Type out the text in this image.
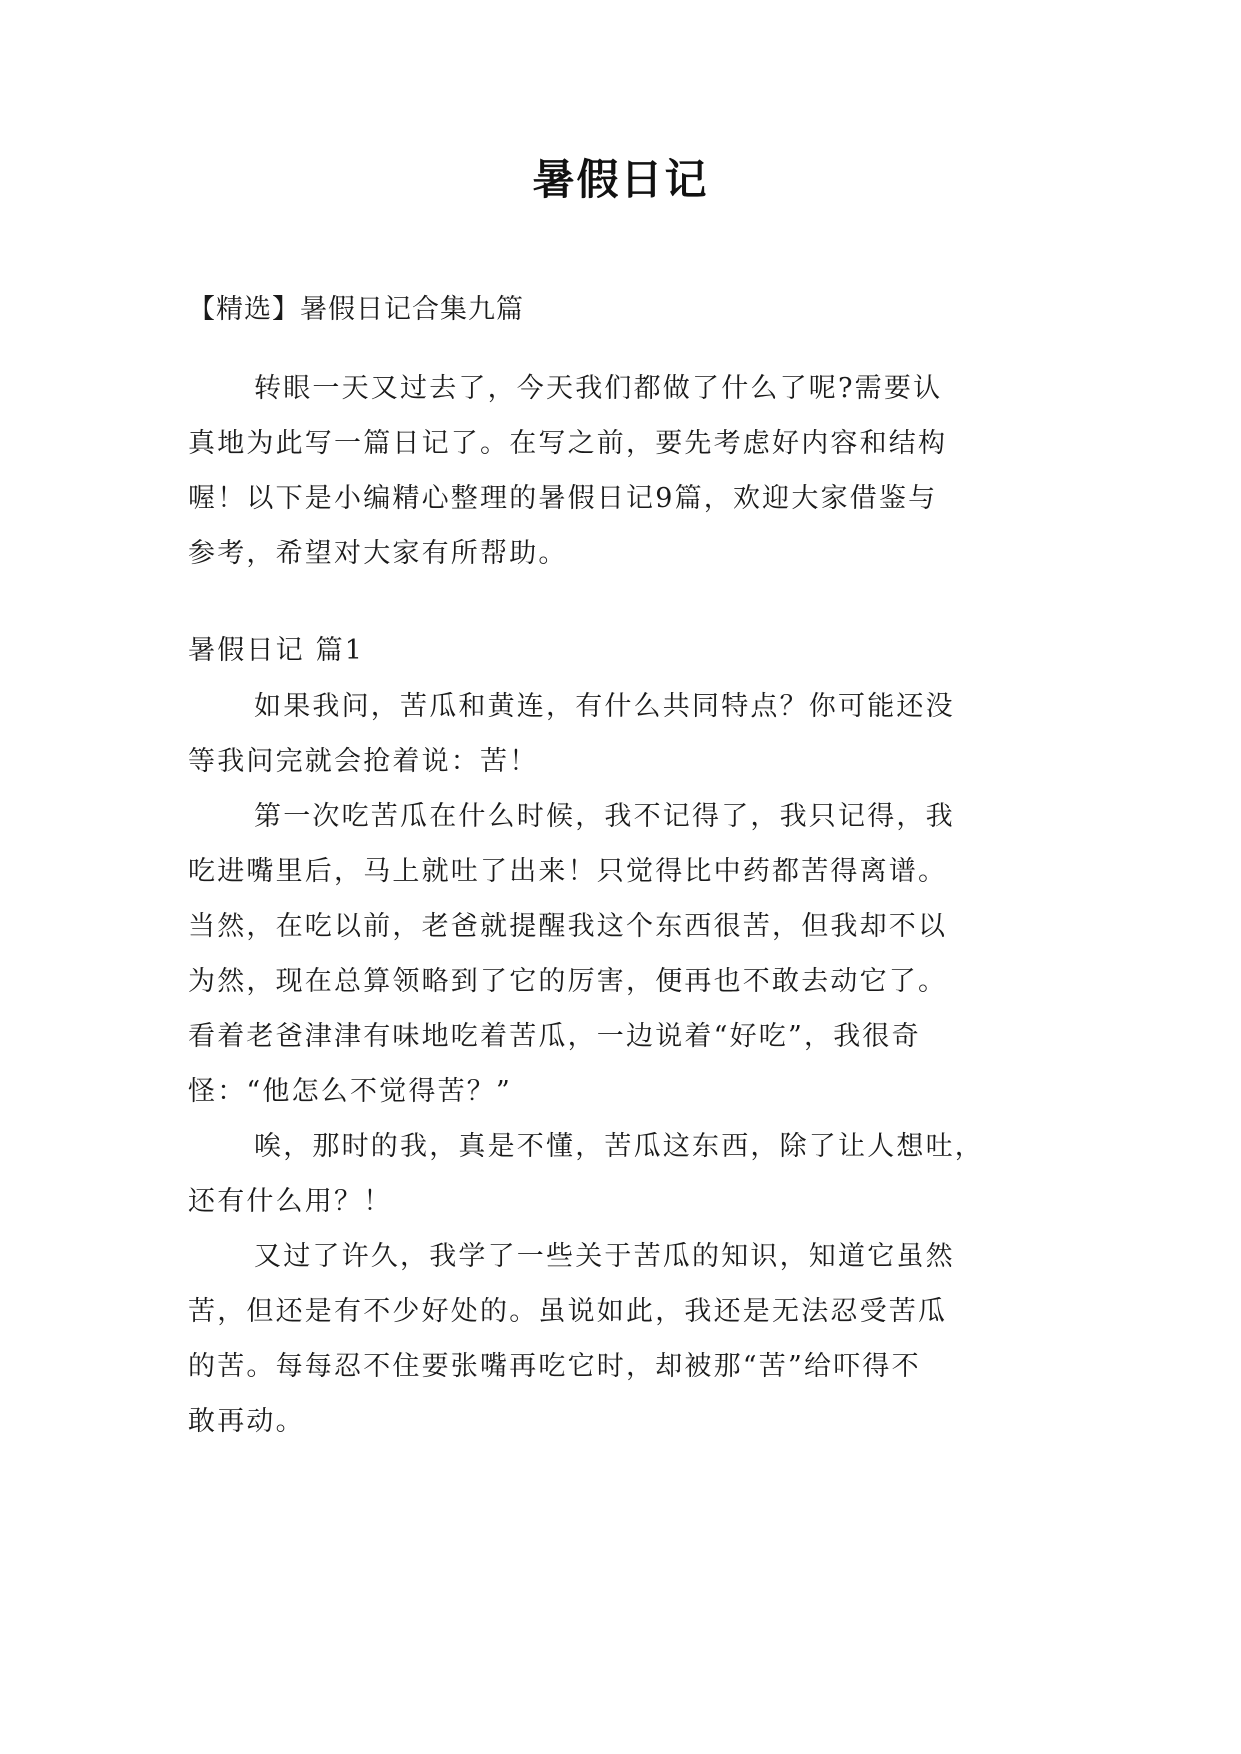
暑假日记
【精选】暑假日记合集九篇
转眼一天又过去了，今天我们都做了什么了呢?需要认
真地为此写一篇日记了。在写之前，要先考虑好内容和结构
喔！以下是小编精心整理的暑假日记9篇，欢迎大家借鉴与
参考，希望对大家有所帮助。
暑假日记 篇1
如果我问，苦瓜和黄连，有什么共同特点？你可能还没
等我问完就会抢着说：苦！
第一次吃苦瓜在什么时候，我不记得了，我只记得，我
吃进嘴里后，马上就吐了出来！只觉得比中药都苦得离谱。
当然，在吃以前，老爸就提醒我这个东西很苦，但我却不以
为然，现在总算领略到了它的厉害，便再也不敢去动它了。
看着老爸津津有味地吃着苦瓜，一边说着“好吃”，我很奇
怪：“他怎么不觉得苦？”
唉，那时的我，真是不懂，苦瓜这东西，除了让人想吐，
还有什么用？！
又过了许久，我学了一些关于苦瓜的知识，知道它虽然
苦，但还是有不少好处的。虽说如此，我还是无法忍受苦瓜
的苦。每每忍不住要张嘴再吃它时，却被那“苦”给吓得不
敢再动。
